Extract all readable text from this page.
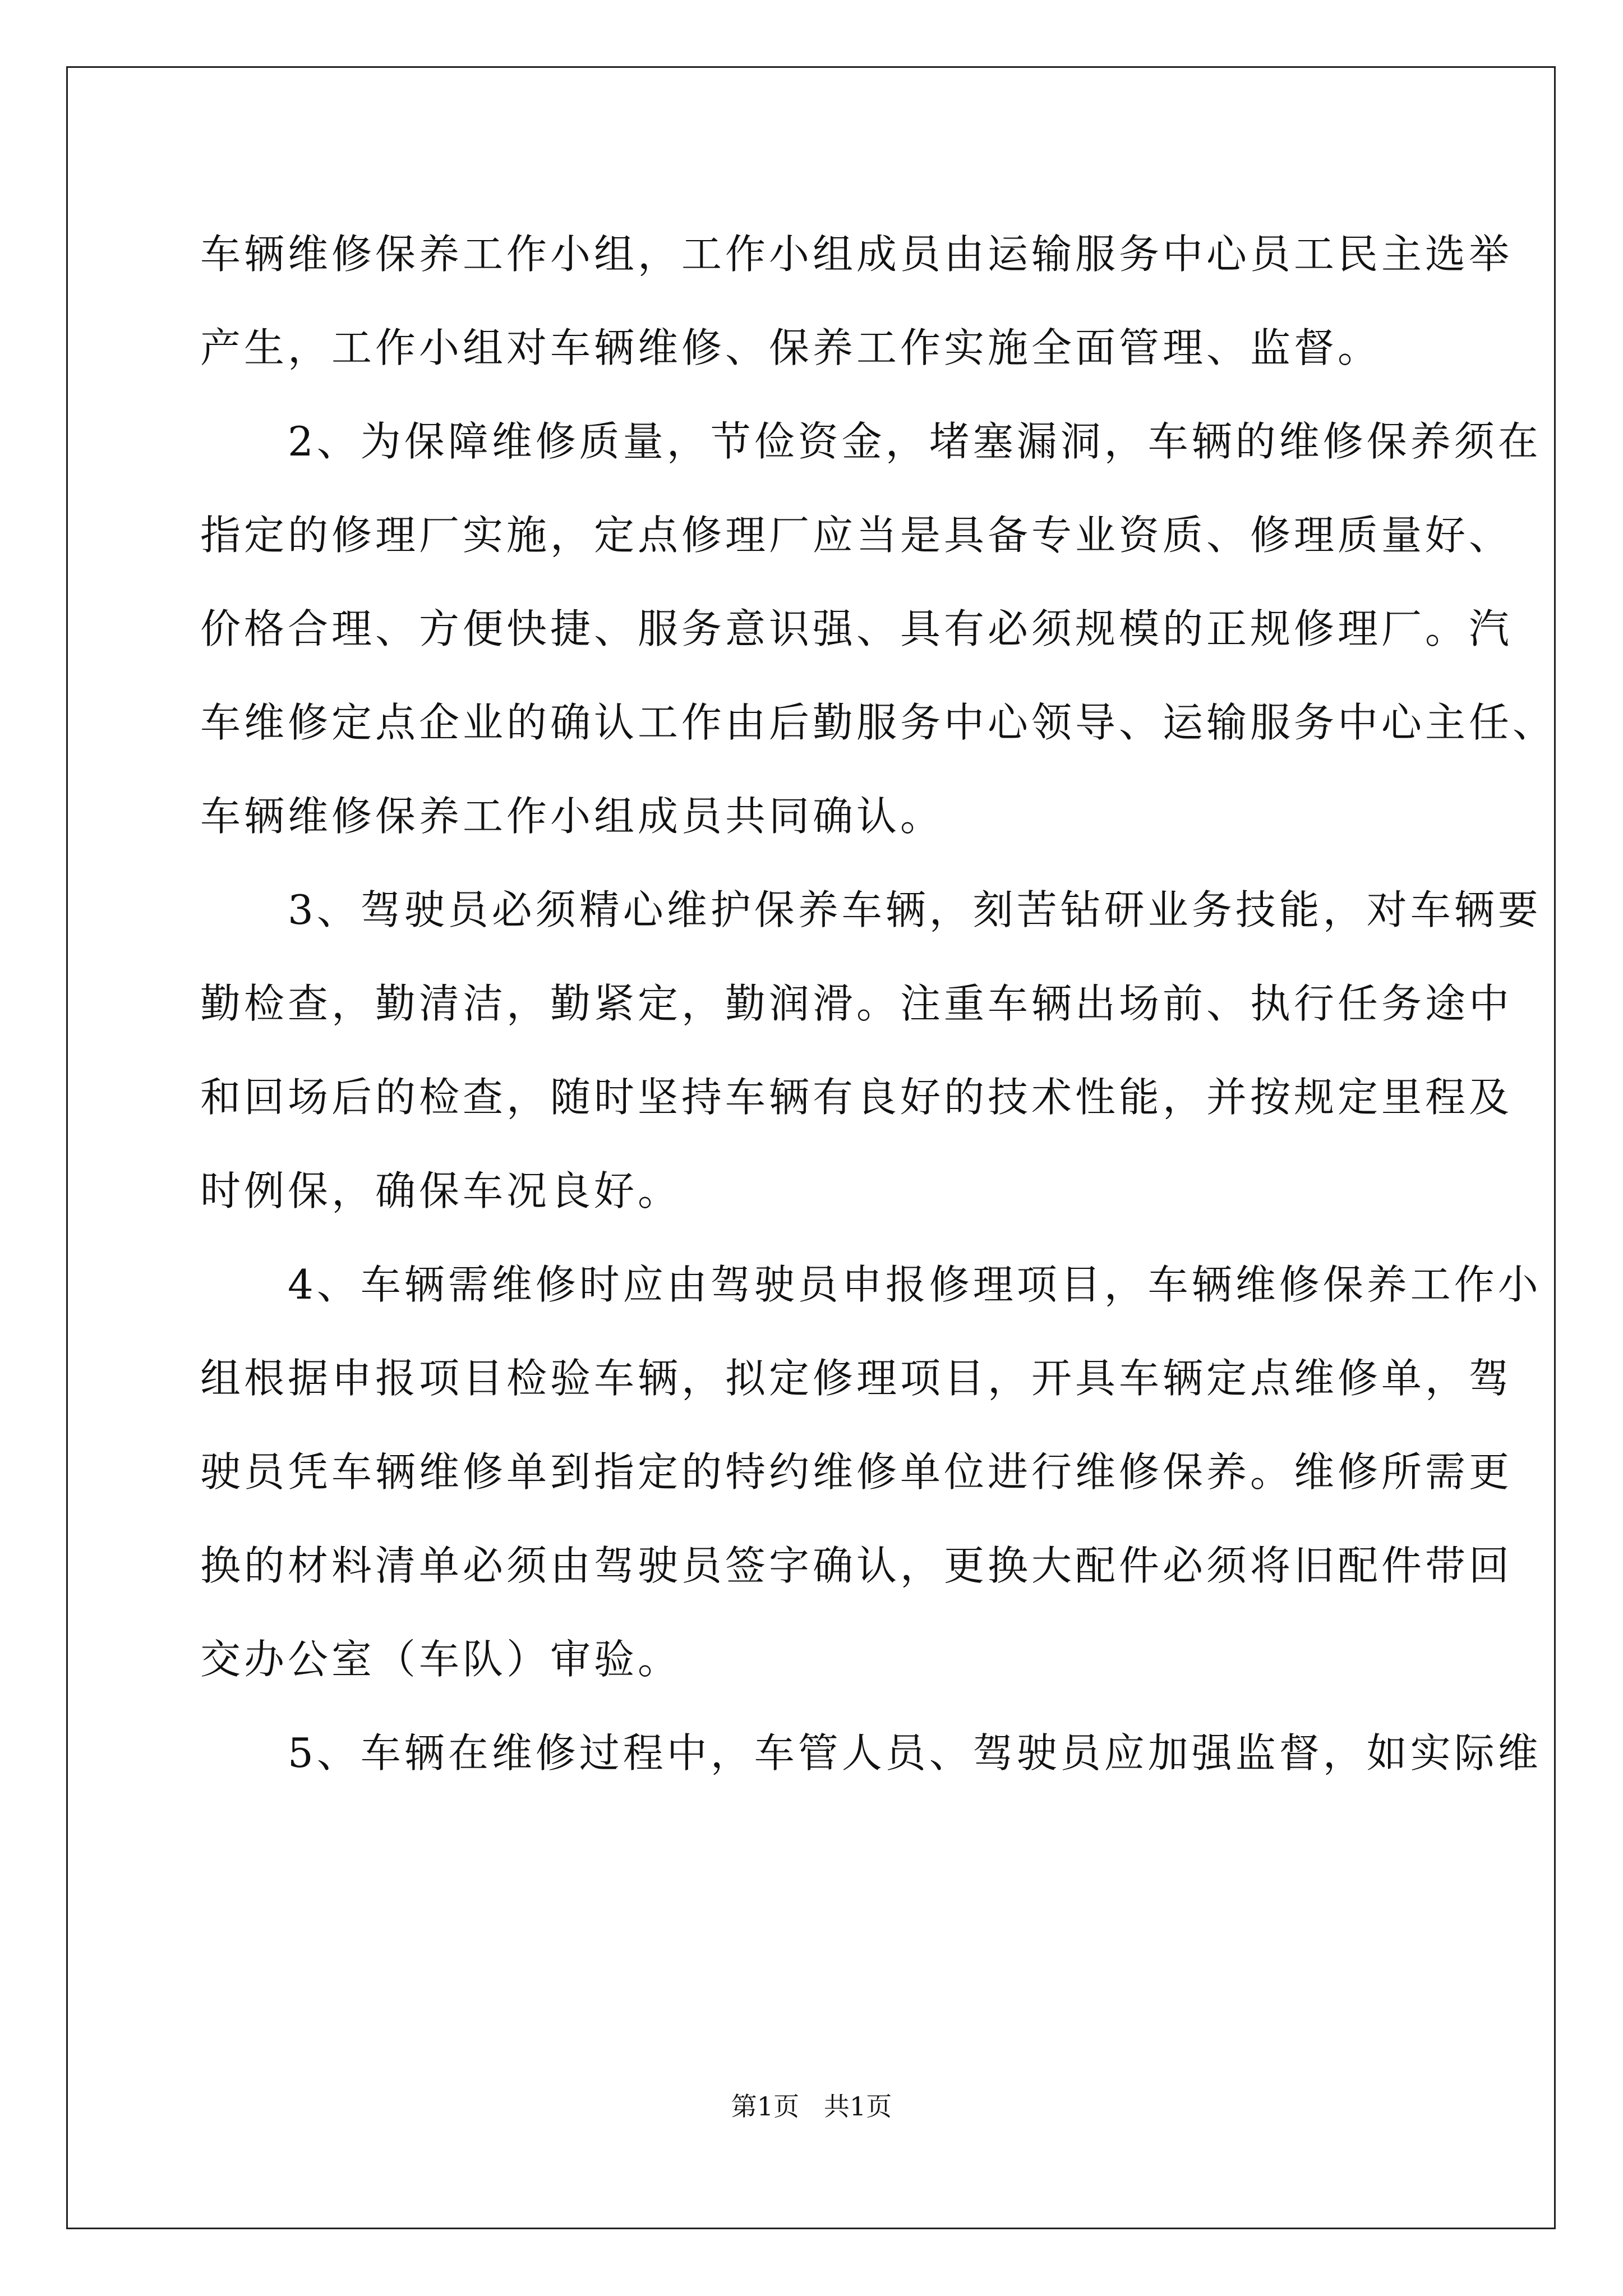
车辆维修保养工作小组，工作小组成员由运输服务中心员工民主选举
产生，工作小组对车辆维修、保养工作实施全面管理、监督。
　　2、为保障维修质量，节俭资金，堵塞漏洞，车辆的维修保养须在
指定的修理厂实施，定点修理厂应当是具备专业资质、修理质量好、
价格合理、方便快捷、服务意识强、具有必须规模的正规修理厂。汽
车维修定点企业的确认工作由后勤服务中心领导、运输服务中心主任、
车辆维修保养工作小组成员共同确认。
　　3、驾驶员必须精心维护保养车辆，刻苦钻研业务技能，对车辆要
勤检查，勤清洁，勤紧定，勤润滑。注重车辆出场前、执行任务途中
和回场后的检查，随时坚持车辆有良好的技术性能，并按规定里程及
时例保，确保车况良好。
　　4、车辆需维修时应由驾驶员申报修理项目，车辆维修保养工作小
组根据申报项目检验车辆，拟定修理项目，开具车辆定点维修单，驾
驶员凭车辆维修单到指定的特约维修单位进行维修保养。维修所需更
换的材料清单必须由驾驶员签字确认，更换大配件必须将旧配件带回
交办公室（车队）审验。
　　5、车辆在维修过程中，车管人员、驾驶员应加强监督，如实际维
第1页   共1页
